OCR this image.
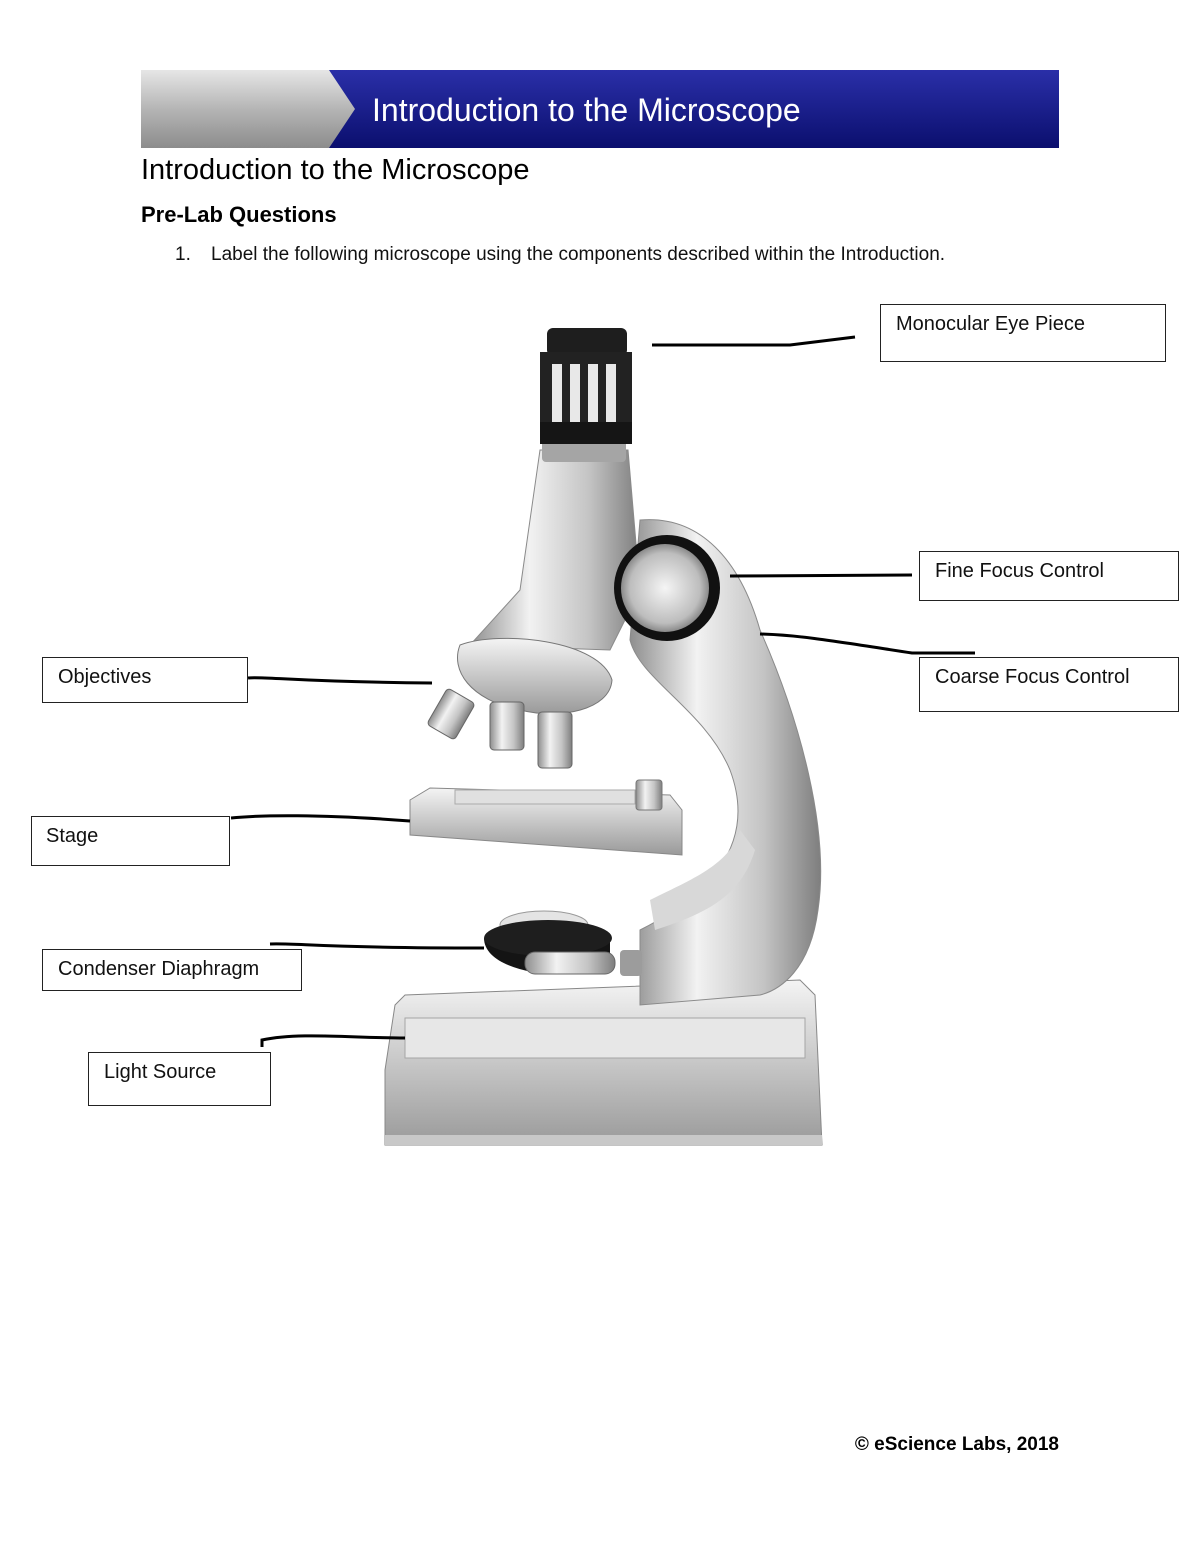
Introduction to the Microscope
Introduction to the Microscope
Pre-Lab Questions
1. Label the following microscope using the components described within the Introduction.
Monocular Eye Piece
Fine Focus Control
Coarse Focus Control
Objectives
Stage
Condenser Diaphragm
Light Source
© eScience Labs, 2018
